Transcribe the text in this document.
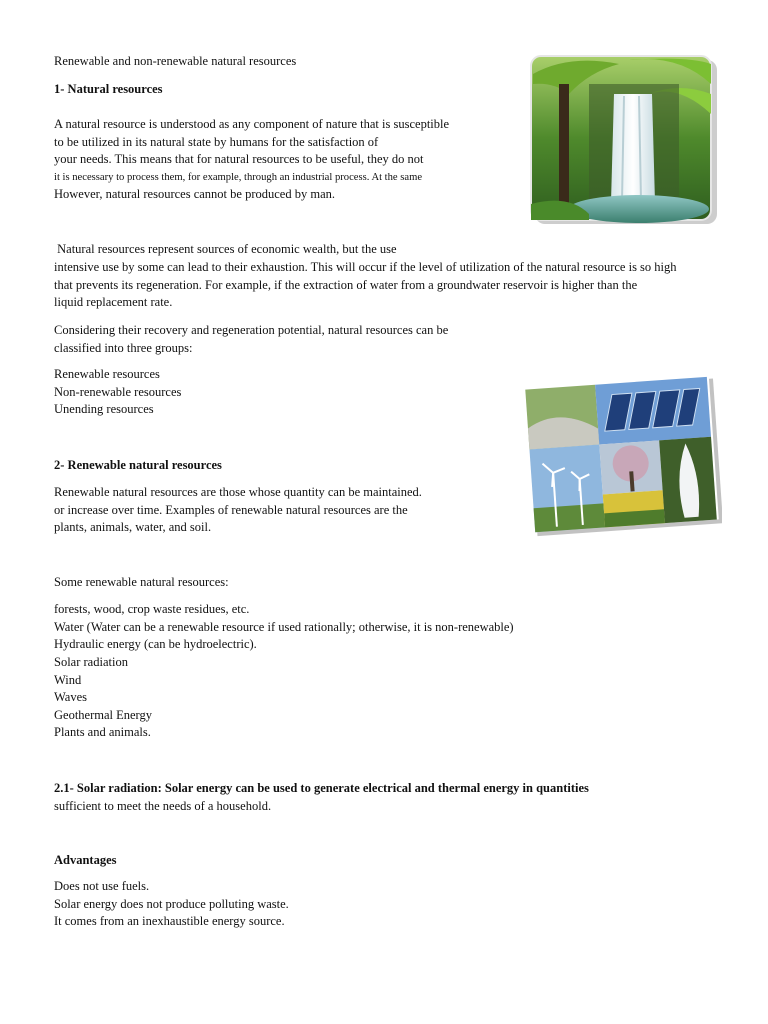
Renewable and non-renewable natural resources
1- Natural resources
A natural resource is understood as any component of nature that is susceptible
to be utilized in its natural state by humans for the satisfaction of
your needs. This means that for natural resources to be useful, they do not
it is necessary to process them, for example, through an industrial process. At the same
However, natural resources cannot be produced by man.
Natural resources represent sources of economic wealth, but the use
intensive use by some can lead to their exhaustion. This will occur if the level of utilization of the natural resource is so high
that prevents its regeneration. For example, if the extraction of water from a groundwater reservoir is higher than the
liquid replacement rate.
Considering their recovery and regeneration potential, natural resources can be
classified into three groups:
Renewable resources
Non-renewable resources
Unending resources
2- Renewable natural resources
Renewable natural resources are those whose quantity can be maintained.
or increase over time. Examples of renewable natural resources are the
plants, animals, water, and soil.
Some renewable natural resources:
forests, wood, crop waste residues, etc.
Water (Water can be a renewable resource if used rationally; otherwise, it is non-renewable)
Hydraulic energy (can be hydroelectric).
Solar radiation
Wind
Waves
Geothermal Energy
Plants and animals.
2.1- Solar radiation: Solar energy can be used to generate electrical and thermal energy in quantities
sufficient to meet the needs of a household.
Advantages
Does not use fuels.
Solar energy does not produce polluting waste.
It comes from an inexhaustible energy source.
